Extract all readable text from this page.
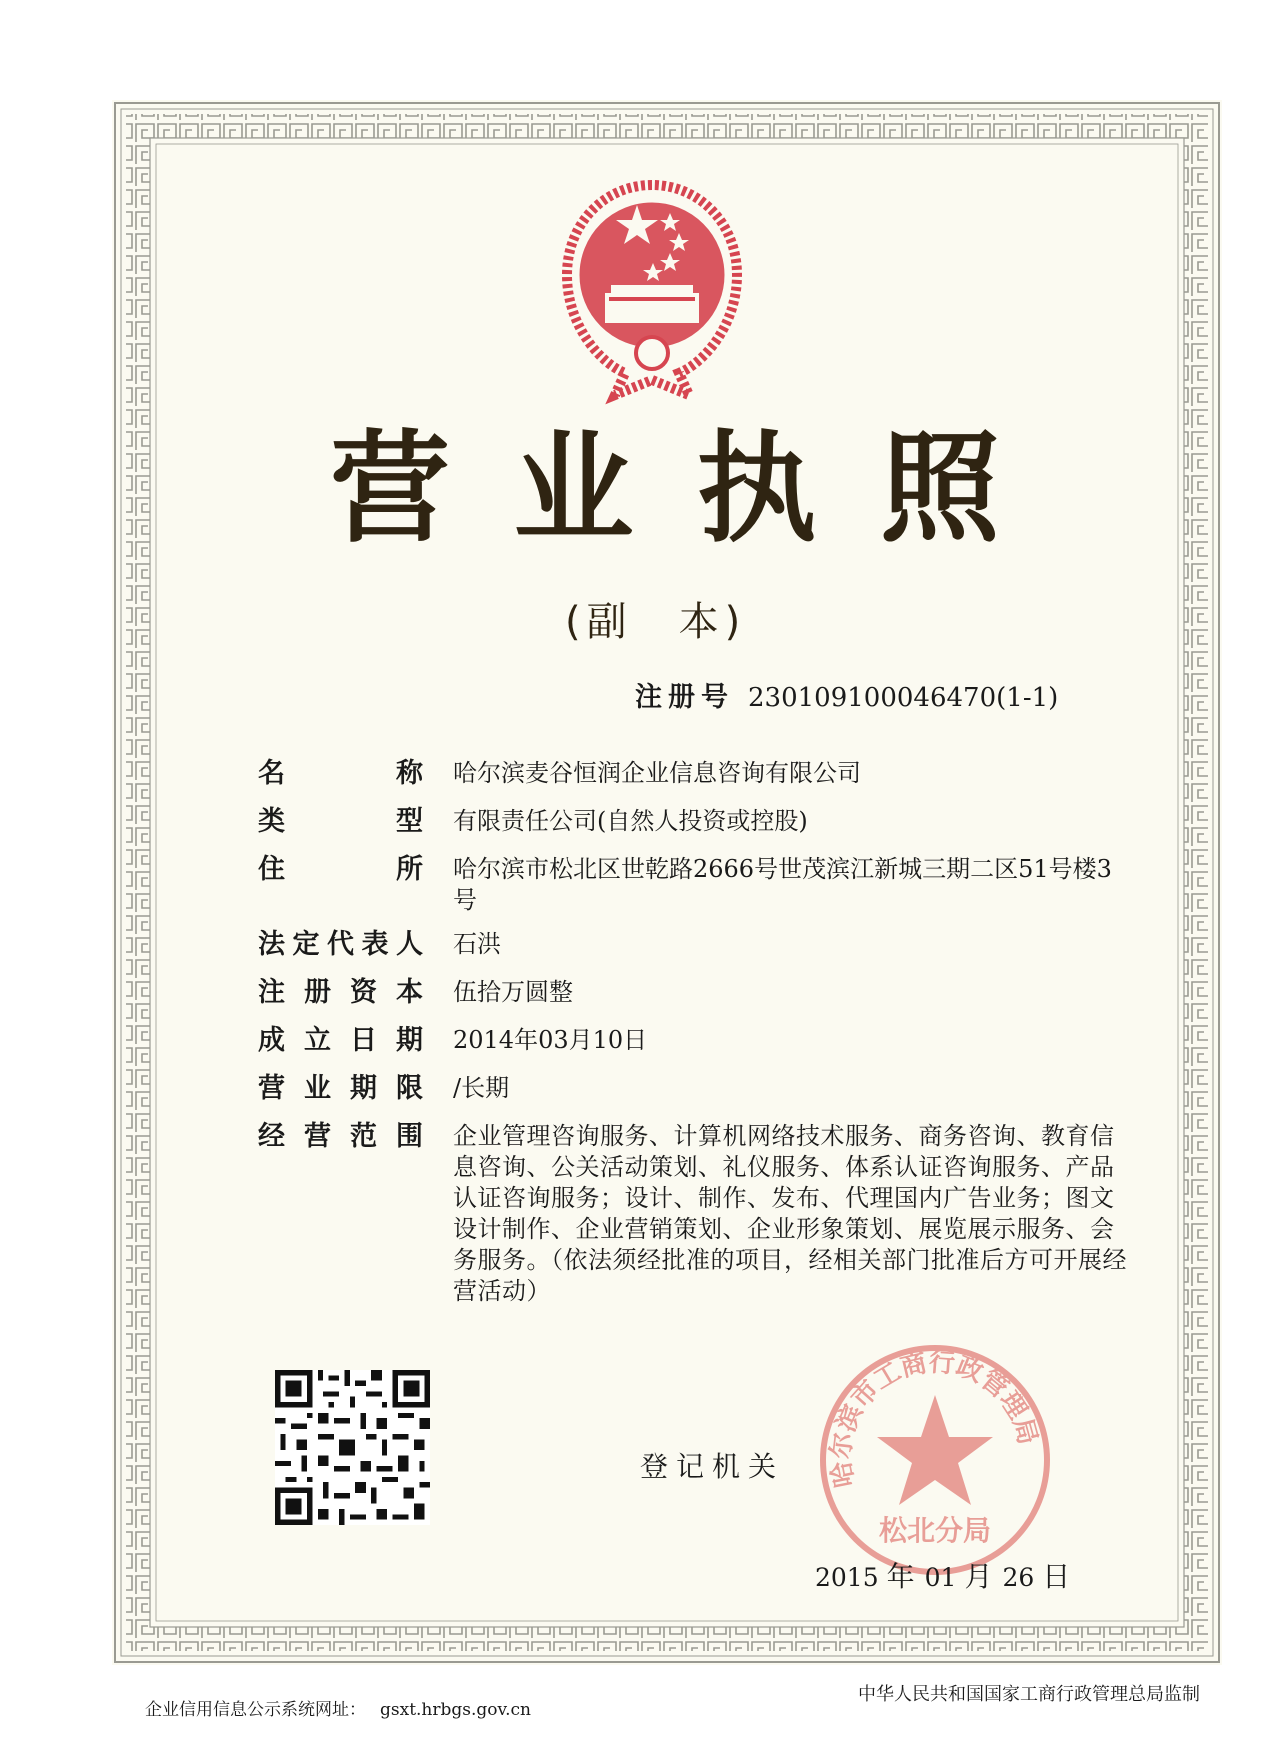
营 业 执 照
(副　本)
注册号 230109100046470(1-1)
名	称 哈尔滨麦谷恒润企业信息咨询有限公司
类	型 有限责任公司(自然人投资或控股)
住	所 哈尔滨市松北区世乾路2666号世茂滨江新城三期二区51号楼3号
法 定 代 表 人 石洪
注 册 资 本 伍拾万圆整
成 立 日 期 2014年03月10日
营 业 期 限 /长期
经 营 范 围 企业管理咨询服务、计算机网络技术服务、商务咨询、教育信息咨询、公关活动策划、礼仪服务、体系认证咨询服务、产品认证咨询服务；设计、制作、发布、代理国内广告业务；图文设计制作、企业营销策划、企业形象策划、展览展示服务、会务服务。（依法须经批准的项目，经相关部门批准后方可开展经营活动）
登记机关 哈尔滨市工商行政管理局
松北分局
2015 年 01 月 26 日
企业信用信息公示系统网址： gsxt.hrbgs.gov.cn
中华人民共和国国家工商行政管理总局监制
